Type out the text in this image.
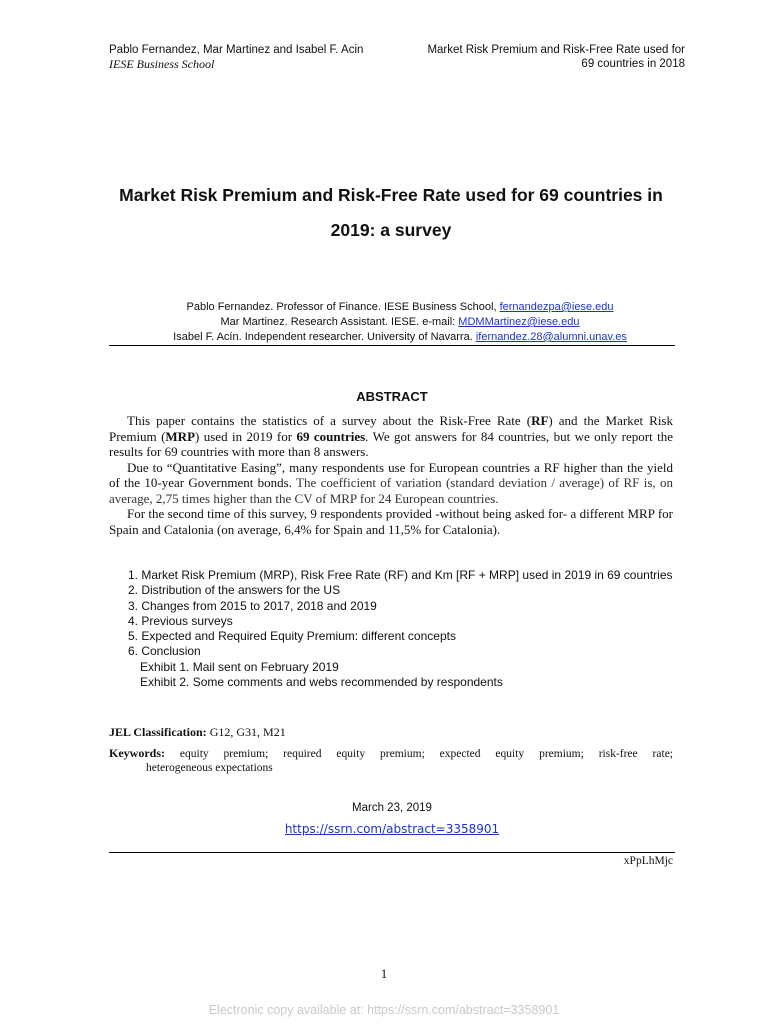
Pablo Fernandez, Mar Martinez and Isabel F. Acin
IESE Business School
Market Risk Premium and Risk-Free Rate used for
69 countries in 2018
Market Risk Premium and Risk-Free Rate used for 69 countries in
2019: a survey
Pablo Fernandez. Professor of Finance. IESE Business School, fernandezpa@iese.edu
Mar Martinez. Research Assistant. IESE. e-mail: MDMMartinez@iese.edu
Isabel F. Acín. Independent researcher. University of Navarra. ifernandez.28@alumni.unav.es
ABSTRACT

This paper contains the statistics of a survey about the Risk-Free Rate (RF) and the Market Risk Premium (MRP) used in 2019 for 69 countries. We got answers for 84 countries, but we only report the results for 69 countries with more than 8 answers.

Due to “Quantitative Easing”, many respondents use for European countries a RF higher than the yield of the 10-year Government bonds. The coefficient of variation (standard deviation / average) of RF is, on average, 2,75 times higher than the CV of MRP for 24 European countries.

For the second time of this survey, 9 respondents provided -without being asked for- a different MRP for Spain and Catalonia (on average, 6,4% for Spain and 11,5% for Catalonia).

1. Market Risk Premium (MRP), Risk Free Rate (RF) and Km [RF + MRP] used in 2019 in 69 countries
2. Distribution of the answers for the US
3. Changes from 2015 to 2017, 2018 and 2019
4. Previous surveys
5. Expected and Required Equity Premium: different concepts
6. Conclusion
Exhibit 1. Mail sent on February 2019
Exhibit 2. Some comments and webs recommended by respondents
JEL Classification: G12, G31, M21
Keywords: equity premium; required equity premium; expected equity premium; risk-free rate;
heterogeneous expectations
March 23, 2019
https://ssrn.com/abstract=3358901
xPpLhMjc
1
Electronic copy available at: https://ssrn.com/abstract=3358901
